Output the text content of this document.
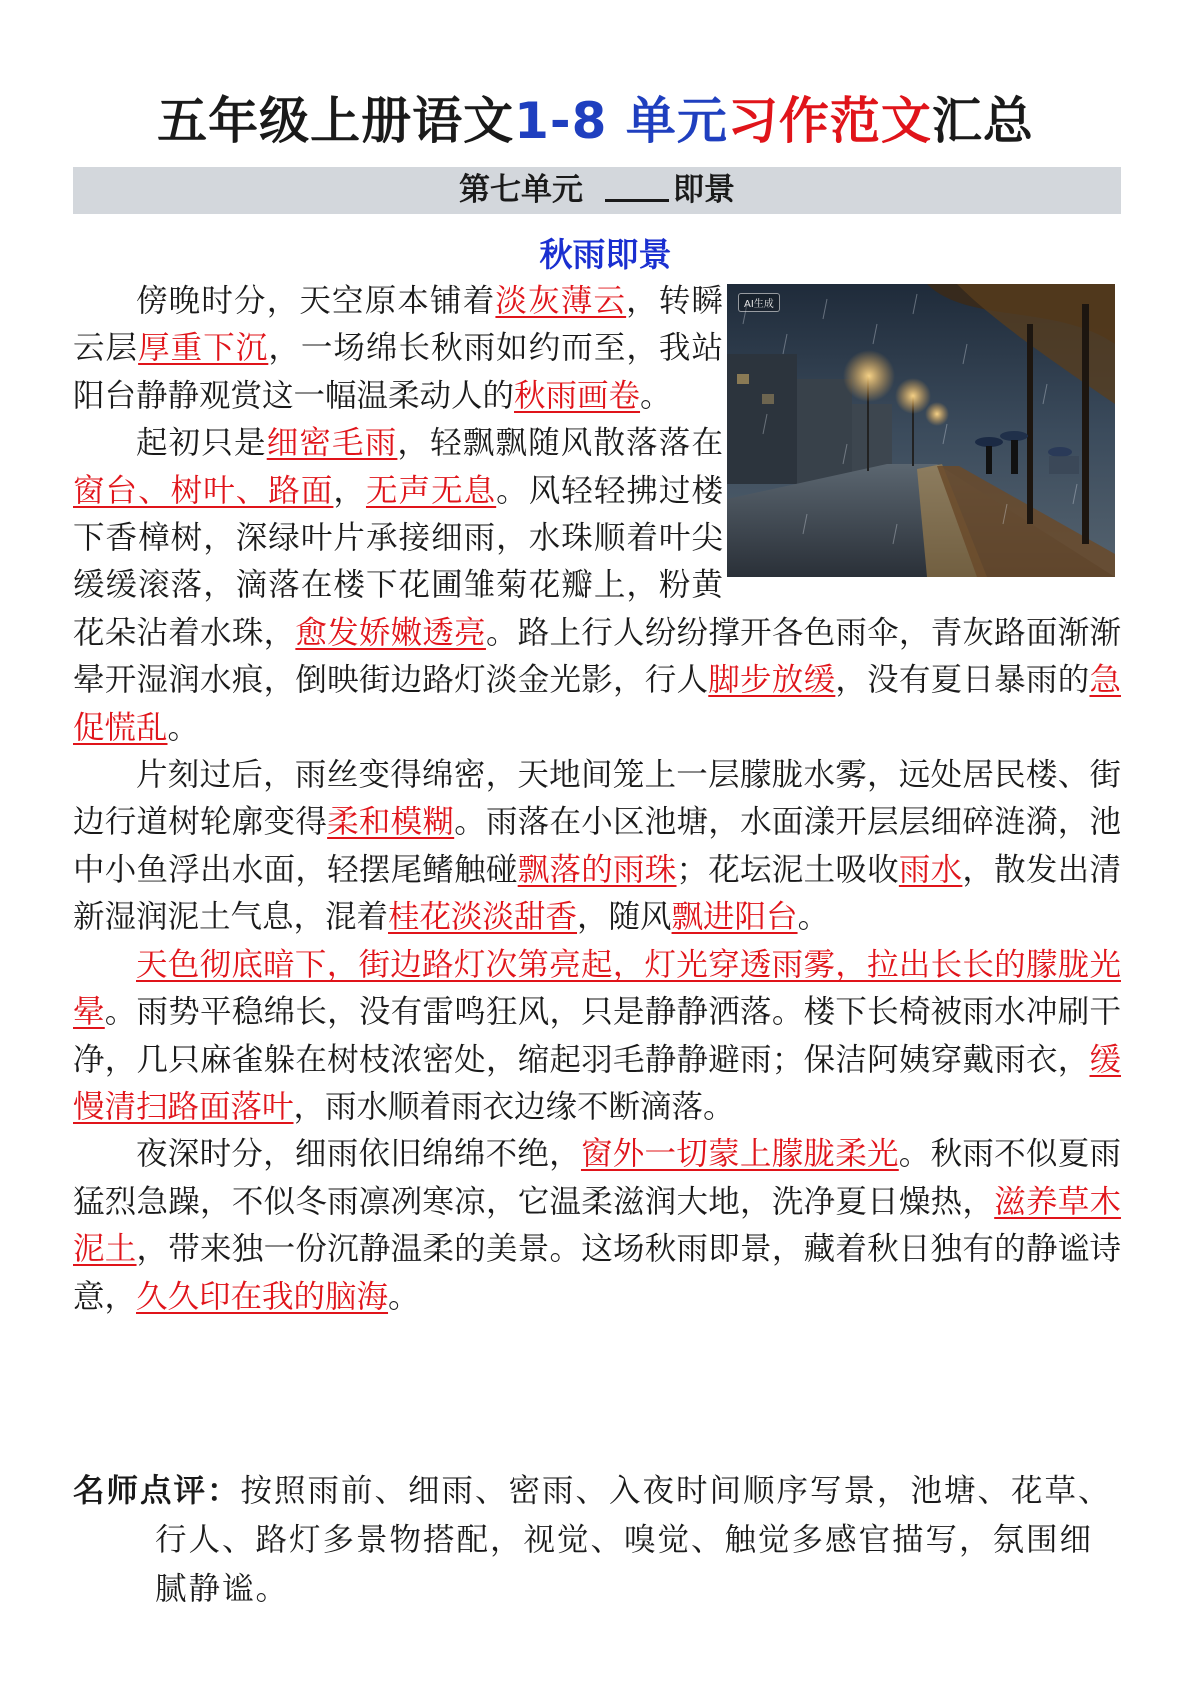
五年级上册语文1-8 单元习作范文汇总
第七单元	即景
秋雨即景
AI生成

傍晚时分，天空原本铺着淡灰薄云，转瞬云层厚重下沉，一场绵长秋雨如约而至，我站阳台静静观赏这一幅温柔动人的秋雨画卷。

起初只是细密毛雨，轻飘飘随风散落落在窗台、树叶、路面，无声无息。风轻轻拂过楼下香樟树，深绿叶片承接细雨，水珠顺着叶尖缓缓滚落，滴落在楼下花圃雏菊花瓣上，粉黄花朵沾着水珠，愈发娇嫩透亮。路上行人纷纷撑开各色雨伞，青灰路面渐渐晕开湿润水痕，倒映街边路灯淡金光影，行人脚步放缓，没有夏日暴雨的急促慌乱。

片刻过后，雨丝变得绵密，天地间笼上一层朦胧水雾，远处居民楼、街边行道树轮廓变得柔和模糊。雨落在小区池塘，水面漾开层层细碎涟漪，池中小鱼浮出水面，轻摆尾鳍触碰飘落的雨珠；花坛泥土吸收雨水，散发出清新湿润泥土气息，混着桂花淡淡甜香，随风飘进阳台。

天色彻底暗下，街边路灯次第亮起，灯光穿透雨雾，拉出长长的朦胧光晕。雨势平稳绵长，没有雷鸣狂风，只是静静洒落。楼下长椅被雨水冲刷干净，几只麻雀躲在树枝浓密处，缩起羽毛静静避雨；保洁阿姨穿戴雨衣，缓慢清扫路面落叶，雨水顺着雨衣边缘不断滴落。

夜深时分，细雨依旧绵绵不绝，窗外一切蒙上朦胧柔光。秋雨不似夏雨猛烈急躁，不似冬雨凛冽寒凉，它温柔滋润大地，洗净夏日燥热，滋养草木泥土，带来独一份沉静温柔的美景。这场秋雨即景，藏着秋日独有的静谧诗意，久久印在我的脑海。

名师点评：按照雨前、细雨、密雨、入夜时间顺序写景，池塘、花草、行人、路灯多景物搭配，视觉、嗅觉、触觉多感官描写，氛围细腻静谧。
